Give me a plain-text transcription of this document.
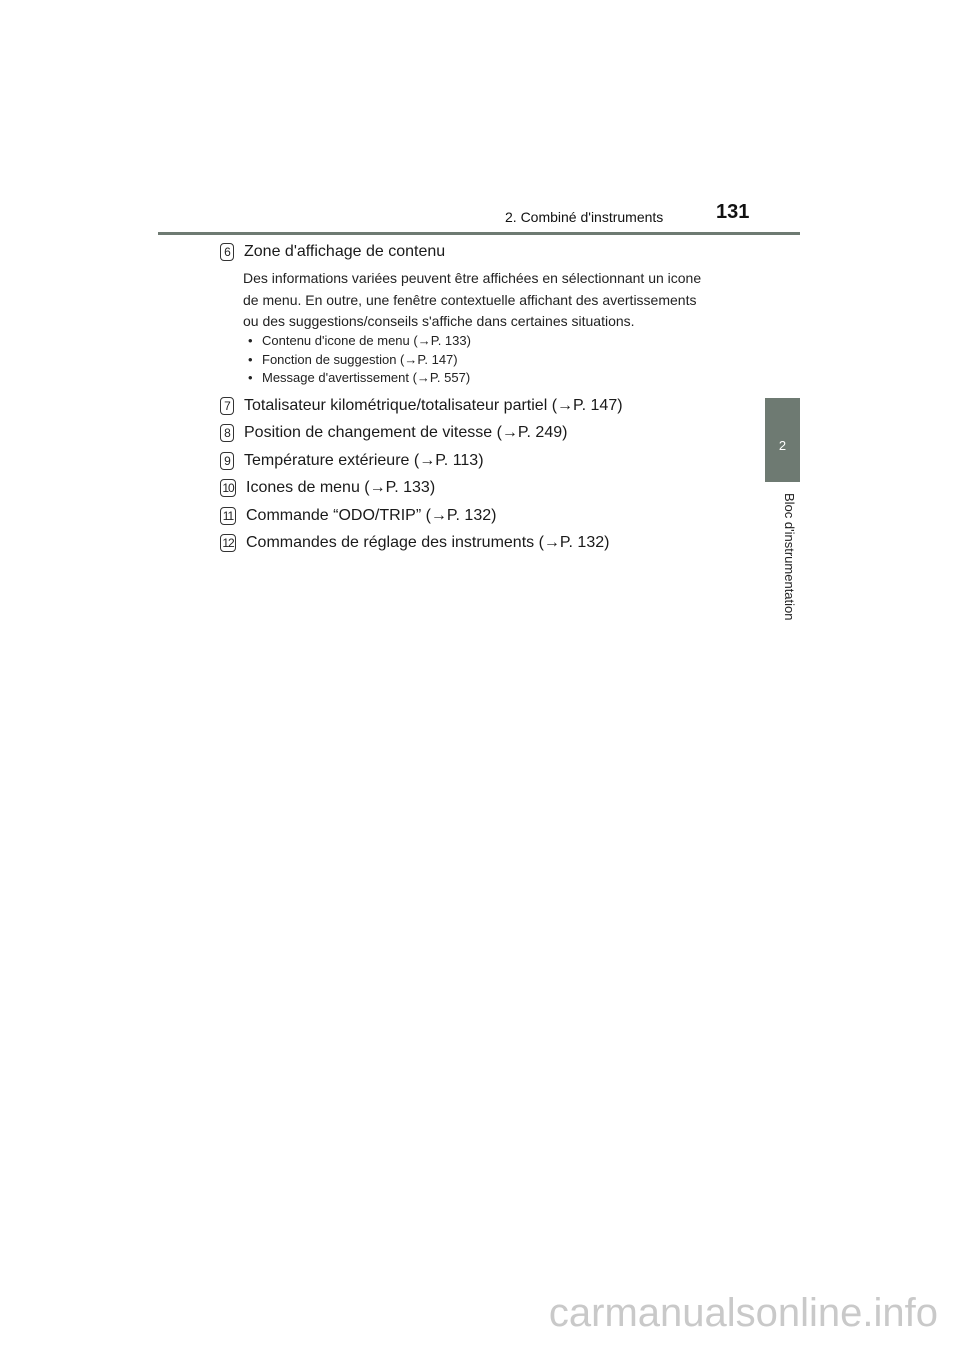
2. Combiné d'instruments	131
2
Bloc d'instrumentation
6 Zone d'affichage de contenu
Des informations variées peuvent être affichées en sélectionnant un icone
de menu. En outre, une fenêtre contextuelle affichant des avertissements
ou des suggestions/conseils s'affiche dans certaines situations.
• Contenu d'icone de menu (→P. 133)
• Fonction de suggestion (→P. 147)
• Message d'avertissement (→P. 557)
7 Totalisateur kilométrique/totalisateur partiel (→P. 147)
8 Position de changement de vitesse (→P. 249)
9 Température extérieure (→P. 113)
10 Icones de menu (→P. 133)
11 Commande “ODO/TRIP” (→P. 132)
12 Commandes de réglage des instruments (→P. 132)
carmanualsonline.info
